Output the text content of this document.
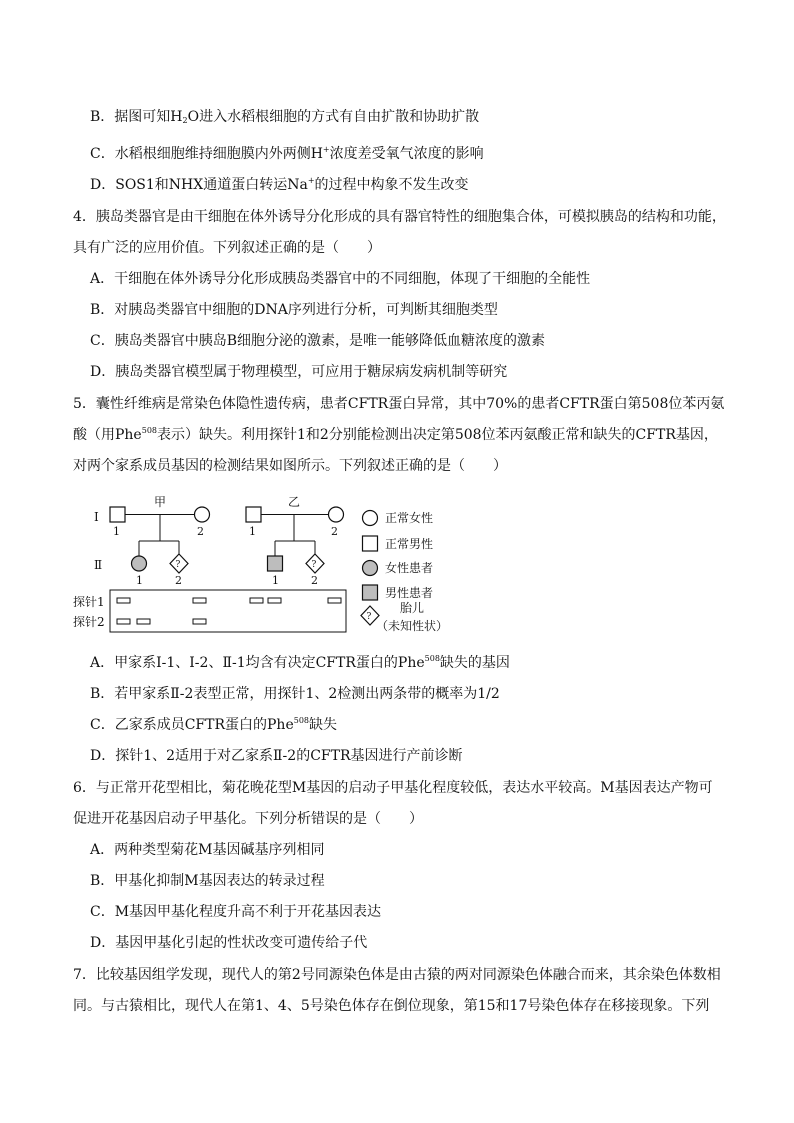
B．据图可知$H_2O$进入水稻根细胞的方式有自由扩散和协助扩散
C．水稻根细胞维持细胞膜内外两侧H+浓度差受氧气浓度的影响
D．SOS1和NHX通道蛋白转运Na+的过程中构象不发生改变
4．胰岛类器官是由干细胞在体外诱导分化形成的具有器官特性的细胞集合体，可模拟胰岛的结构和功能，
具有广泛的应用价值。下列叙述正确的是（　　）
A．干细胞在体外诱导分化形成胰岛类器官中的不同细胞，体现了干细胞的全能性
B．对胰岛类器官中细胞的DNA序列进行分析，可判断其细胞类型
C．胰岛类器官中胰岛B细胞分泌的激素，是唯一能够降低血糖浓度的激素
D．胰岛类器官模型属于物理模型，可应用于糖尿病发病机制等研究
5．囊性纤维病是常染色体隐性遗传病，患者CFTR蛋白异常，其中70%的患者CFTR蛋白第508位苯丙氨
酸（用Phe$^{508}$表示）缺失。利用探针1和2分别能检测出决定第508位苯丙氨酸正常和缺失的CFTR基因，
对两个家系成员基因的检测结果如图所示。下列叙述正确的是（　　）
Ⅰ
Ⅱ
甲
1	2
?
1	2
乙
1	2
?
1	2
探针1
探针2
正常女性
正常男性
女性患者
男性患者
?
胎儿
（未知性状）
A．甲家系Ⅰ-1、Ⅰ-2、Ⅱ-1均含有决定CFTR蛋白的Phe$^{508}$缺失的基因
B．若甲家系Ⅱ-2表型正常，用探针1、2检测出两条带的概率为1/2
C．乙家系成员CFTR蛋白的Phe$^{508}$缺失
D．探针1、2适用于对乙家系Ⅱ-2的CFTR基因进行产前诊断
6．与正常开花型相比，菊花晚花型M基因的启动子甲基化程度较低，表达水平较高。M基因表达产物可
促进开花基因启动子甲基化。下列分析错误的是（　　）
A．两种类型菊花M基因碱基序列相同
B．甲基化抑制M基因表达的转录过程
C．M基因甲基化程度升高不利于开花基因表达
D．基因甲基化引起的性状改变可遗传给子代
7．比较基因组学发现，现代人的第2号同源染色体是由古猿的两对同源染色体融合而来，其余染色体数相
同。与古猿相比，现代人在第1、4、5号染色体存在倒位现象，第15和17号染色体存在移接现象。下列
